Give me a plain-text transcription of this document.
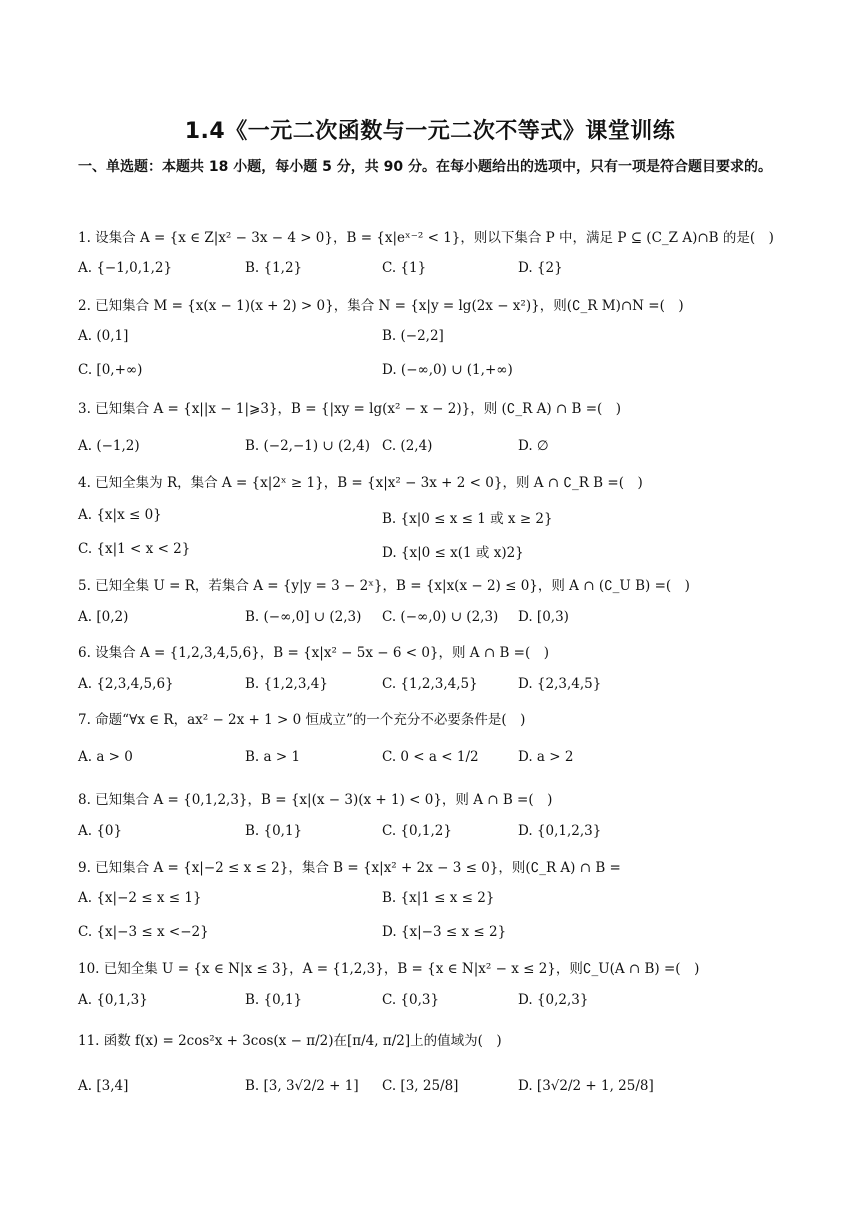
1.4《一元二次函数与一元二次不等式》课堂训练
一、单选题：本题共 18 小题，每小题 5 分，共 90 分。在每小题给出的选项中，只有一项是符合题目要求的。
1. 设集合 A = {x ∈ Z|x² − 3x − 4 > 0}，B = {x|eˣ⁻² < 1}，则以下集合 P 中，满足 P ⊆ (C_Z A)∩B 的是(　)
A. {−1,0,1,2}	B. {1,2}	C. {1}	D. {2}
2. 已知集合 M = {x(x − 1)(x + 2) > 0}，集合 N = {x|y = lg(2x − x²)}，则(∁_R M)∩N =(　)
A. (0,1]	B. (−2,2]
C. [0,+∞)	D. (−∞,0) ∪ (1,+∞)
3. 已知集合 A = {x||x − 1|⩾3}，B = {|xy = lg(x² − x − 2)}，则 (∁_R A) ∩ B =(　)
A. (−1,2)	B. (−2,−1) ∪ (2,4) C. (2,4)	D. ∅
4. 已知全集为 R，集合 A = {x|2ˣ ≥ 1}，B = {x|x² − 3x + 2 < 0}，则 A ∩ ∁_R B =(　)
A. {x|x ≤ 0}	B. {x|0 ≤ x ≤ 1 或 x ≥ 2}
C. {x|1 < x < 2}	D. {x|0 ≤ x(1 或 x)2}
5. 已知全集 U = R，若集合 A = {y|y = 3 − 2ˣ}，B = {x|x(x − 2) ≤ 0}，则 A ∩ (∁_U B) =(　)
A. [0,2)	B. (−∞,0] ∪ (2,3) C. (−∞,0) ∪ (2,3) D. [0,3)
6. 设集合 A = {1,2,3,4,5,6}，B = {x|x² − 5x − 6 < 0}，则 A ∩ B =(　)
A. {2,3,4,5,6}	B. {1,2,3,4}	C. {1,2,3,4,5}	D. {2,3,4,5}
7. 命题“∀x ∈ R，ax² − 2x + 1 > 0 恒成立”的一个充分不必要条件是(　)
A. a > 0	B. a > 1	C. 0 < a < 1/2	D. a > 2
8. 已知集合 A = {0,1,2,3}，B = {x|(x − 3)(x + 1) < 0}，则 A ∩ B =(　)
A. {0}	B. {0,1}	C. {0,1,2}	D. {0,1,2,3}
9. 已知集合 A = {x|−2 ≤ x ≤ 2}，集合 B = {x|x² + 2x − 3 ≤ 0}，则(∁_R A) ∩ B =
A. {x|−2 ≤ x ≤ 1}	B. {x|1 ≤ x ≤ 2}
C. {x|−3 ≤ x <−2}	D. {x|−3 ≤ x ≤ 2}
10. 已知全集 U = {x ∈ N|x ≤ 3}，A = {1,2,3}，B = {x ∈ N|x² − x ≤ 2}，则∁_U(A ∩ B) =(　)
A. {0,1,3}	B. {0,1}	C. {0,3}	D. {0,2,3}
11. 函数 f(x) = 2cos²x + 3cos(x − π/2)在[π/4, π/2]上的值域为(　)
A. [3,4]	B. [3, 3√2/2 + 1] C. [3, 25/8]	D. [3√2/2 + 1, 25/8]
